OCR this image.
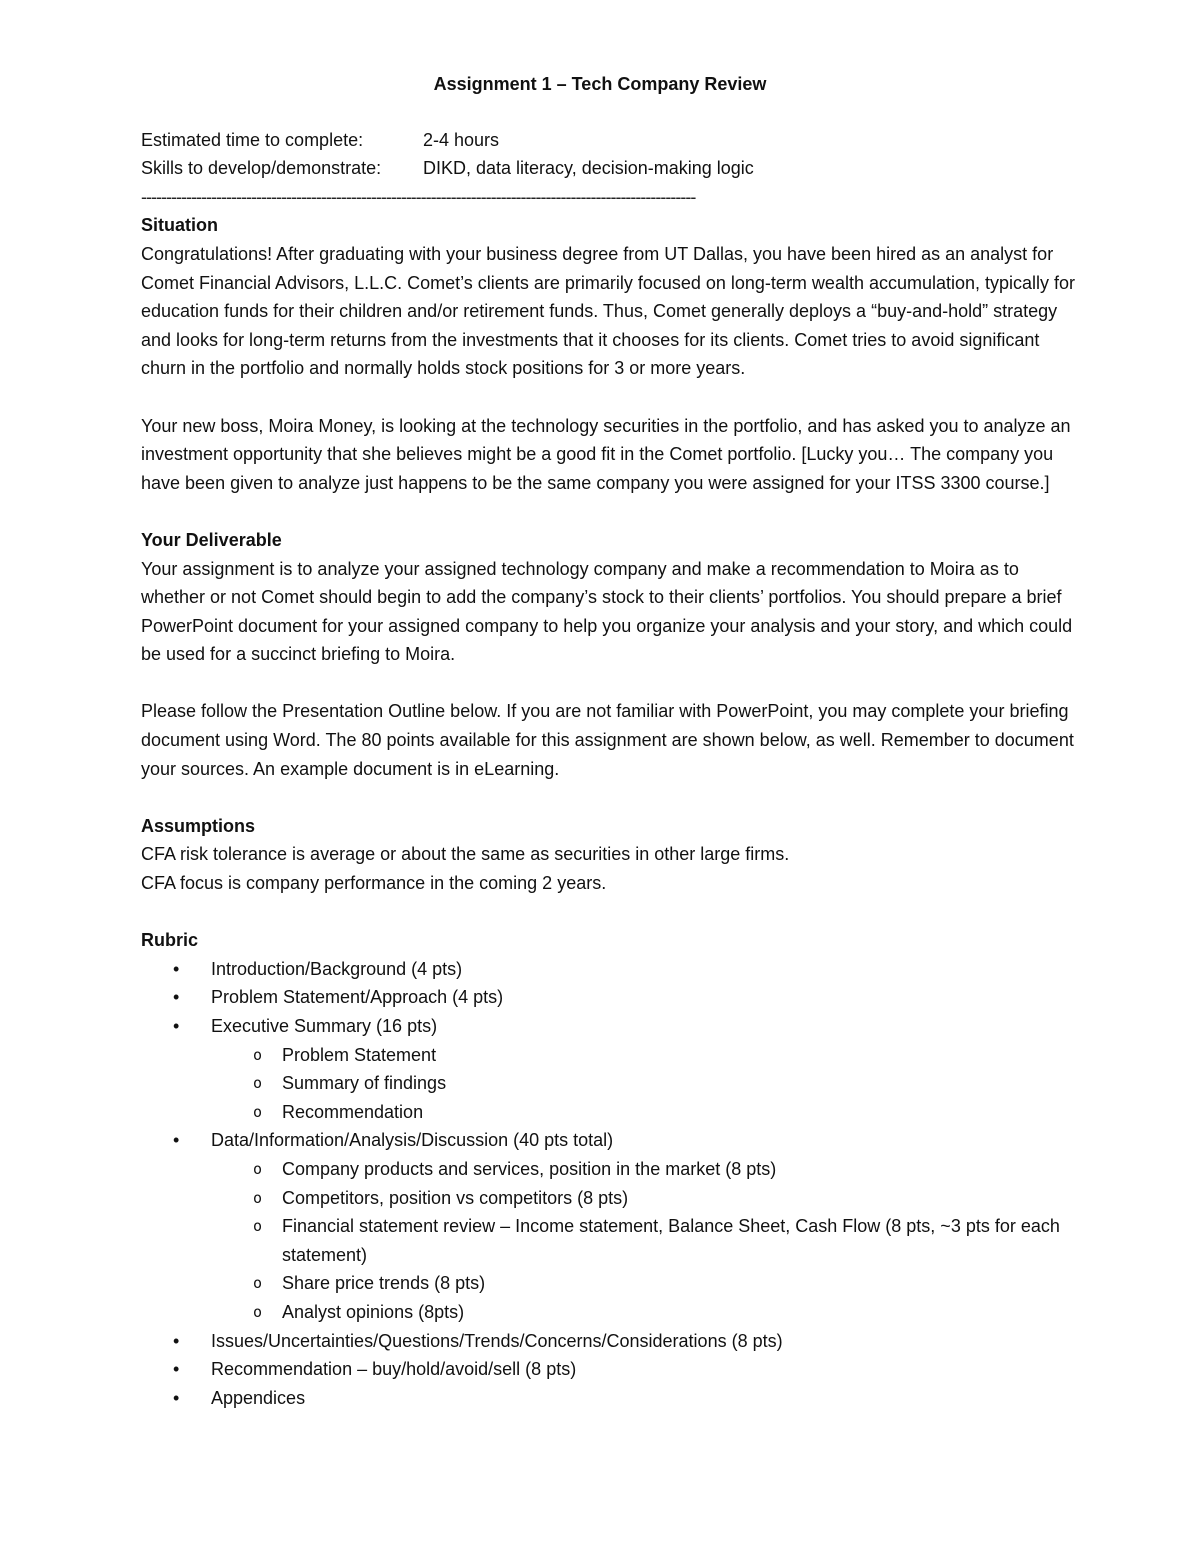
Assignment 1 – Tech Company Review

Estimated time to complete:	2-4 hours
Skills to develop/demonstrate:	DIKD, data literacy, decision-making logic
---------------------------------------------------------------------------------------------------------------
Situation

Congratulations! After graduating with your business degree from UT Dallas, you have been hired as an analyst for Comet Financial Advisors, L.L.C. Comet’s clients are primarily focused on long-term wealth accumulation, typically for education funds for their children and/or retirement funds. Thus, Comet generally deploys a “buy-and-hold” strategy and looks for long-term returns from the investments that it chooses for its clients. Comet tries to avoid significant churn in the portfolio and normally holds stock positions for 3 or more years.

Your new boss, Moira Money, is looking at the technology securities in the portfolio, and has asked you to analyze an investment opportunity that she believes might be a good fit in the Comet portfolio. [Lucky you… The company you have been given to analyze just happens to be the same company you were assigned for your ITSS 3300 course.]

Your Deliverable

Your assignment is to analyze your assigned technology company and make a recommendation to Moira as to whether or not Comet should begin to add the company’s stock to their clients’ portfolios. You should prepare a brief PowerPoint document for your assigned company to help you organize your analysis and your story, and which could be used for a succinct briefing to Moira.

Please follow the Presentation Outline below. If you are not familiar with PowerPoint, you may complete your briefing document using Word. The 80 points available for this assignment are shown below, as well. Remember to document your sources. An example document is in eLearning.

Assumptions

CFA risk tolerance is average or about the same as securities in other large firms.

CFA focus is company performance in the coming 2 years.

Rubric
• Introduction/Background (4 pts)
• Problem Statement/Approach (4 pts)
• Executive Summary (16 pts)
o Problem Statement
o Summary of findings
o Recommendation
• Data/Information/Analysis/Discussion (40 pts total)
o Company products and services, position in the market (8 pts)
o Competitors, position vs competitors (8 pts)
o Financial statement review – Income statement, Balance Sheet, Cash Flow (8 pts, ~3 pts for each statement)
o Share price trends (8 pts)
o Analyst opinions (8pts)
• Issues/Uncertainties/Questions/Trends/Concerns/Considerations (8 pts)
• Recommendation – buy/hold/avoid/sell (8 pts)
• Appendices
